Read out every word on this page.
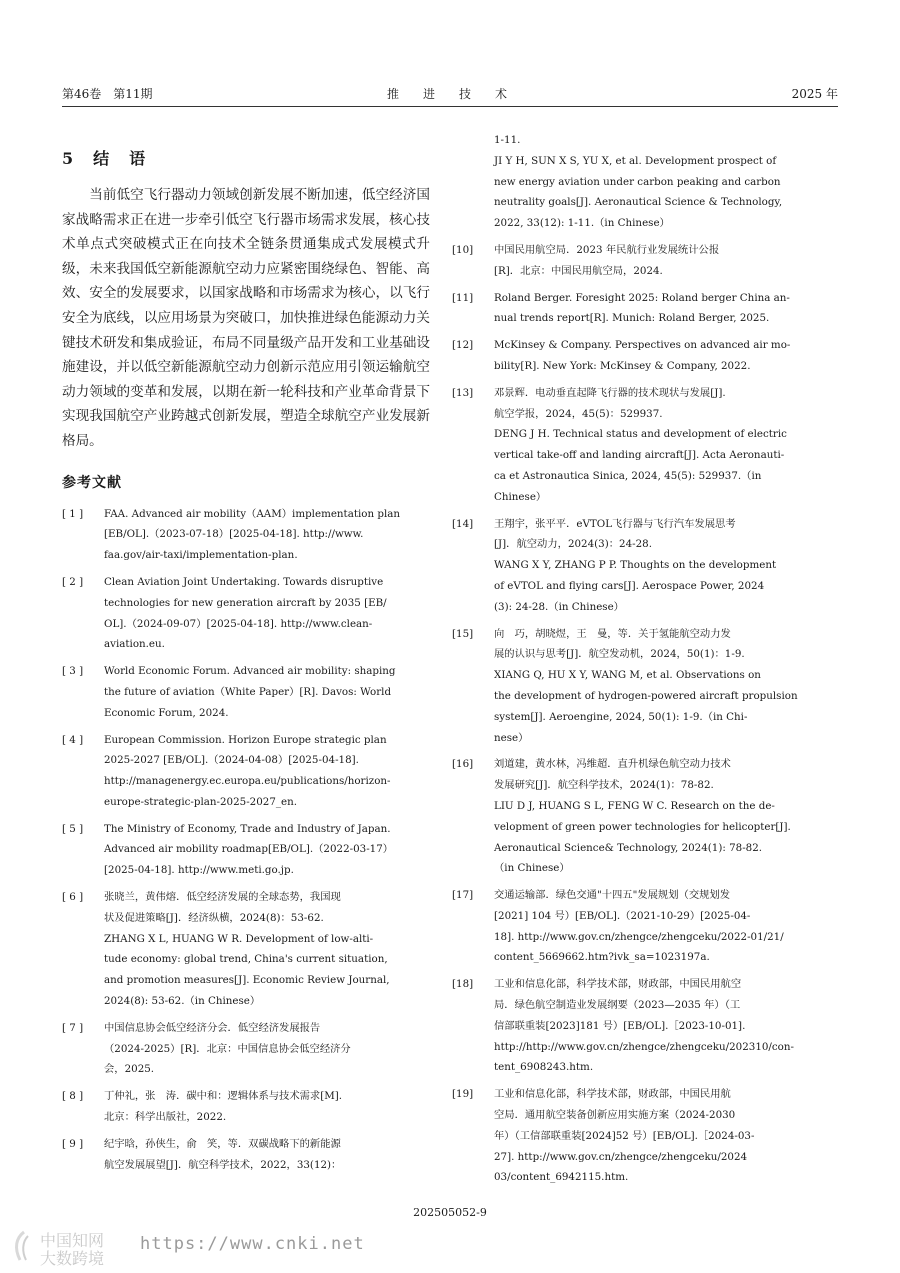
第46卷　第11期	推　进　技　术	2025 年
5　结　语

当前低空飞行器动力领域创新发展不断加速，低空经济国家战略需求正在进一步牵引低空飞行器市场需求发展，核心技术单点式突破模式正在向技术全链条贯通集成式发展模式升级，未来我国低空新能源航空动力应紧密围绕绿色、智能、高效、安全的发展要求，以国家战略和市场需求为核心，以飞行安全为底线，以应用场景为突破口，加快推进绿色能源动力关键技术研发和集成验证，布局不同量级产品开发和工业基础设施建设，并以低空新能源航空动力创新示范应用引领运输航空动力领域的变革和发展，以期在新一轮科技和产业革命背景下实现我国航空产业跨越式创新发展，塑造全球航空产业发展新格局。

参考文献
[ 1 ]	FAA. Advanced air mobility（AAM）implementation plan
[EB/OL].（2023-07-18）[2025-04-18]. http://www.
faa.gov/air-taxi/implementation-plan.
[ 2 ]	Clean Aviation Joint Undertaking. Towards disruptive
technologies for new generation aircraft by 2035 [EB/
OL].（2024-09-07）[2025-04-18]. http://www.clean-
aviation.eu.
[ 3 ]	World Economic Forum. Advanced air mobility: shaping
the future of aviation（White Paper）[R]. Davos: World
Economic Forum, 2024.
[ 4 ]	European Commission. Horizon Europe strategic plan
2025-2027 [EB/OL].（2024-04-08）[2025-04-18].
http://managenergy.ec.europa.eu/publications/horizon-
europe-strategic-plan-2025-2027_en.
[ 5 ]	The Ministry of Economy, Trade and Industry of Japan.
Advanced air mobility roadmap[EB/OL].（2022-03-17）
[2025-04-18]. http://www.meti.go.jp.
[ 6 ]	张晓兰，黄伟熔．低空经济发展的全球态势，我国现
状及促进策略[J]．经济纵横，2024(8)：53-62.
ZHANG X L, HUANG W R. Development of low-alti-
tude economy: global trend, China's current situation,
and promotion measures[J]. Economic Review Journal,
2024(8): 53-62.（in Chinese）
[ 7 ]	中国信息协会低空经济分会．低空经济发展报告
（2024-2025）[R]．北京：中国信息协会低空经济分
会，2025.
[ 8 ]	丁仲礼，张　涛．碳中和：逻辑体系与技术需求[M].
北京：科学出版社，2022.
[ 9 ]	纪宇晗，孙侠生，俞　笑，等．双碳战略下的新能源
航空发展展望[J]．航空科学技术，2022，33(12)：
1-11.
JI Y H, SUN X S, YU X, et al. Development prospect of
new energy aviation under carbon peaking and carbon
neutrality goals[J]. Aeronautical Science & Technology,
2022, 33(12): 1-11.（in Chinese）
[10]	中国民用航空局．2023 年民航行业发展统计公报
[R]．北京：中国民用航空局，2024.
[11]	Roland Berger. Foresight 2025: Roland berger China an-
nual trends report[R]. Munich: Roland Berger, 2025.
[12]	McKinsey & Company. Perspectives on advanced air mo-
bility[R]. New York: McKinsey & Company, 2022.
[13]	邓景辉．电动垂直起降飞行器的技术现状与发展[J].
航空学报，2024，45(5)：529937.
DENG J H. Technical status and development of electric
vertical take-off and landing aircraft[J]. Acta Aeronauti-
ca et Astronautica Sinica, 2024, 45(5): 529937.（in
Chinese）
[14]	王翔宇，张平平．eVTOL飞行器与飞行汽车发展思考
[J]．航空动力，2024(3)：24-28.
WANG X Y, ZHANG P P. Thoughts on the development
of eVTOL and flying cars[J]. Aerospace Power, 2024
(3): 24-28.（in Chinese）
[15]	向　巧，胡晓煜，王　曼，等．关于氢能航空动力发
展的认识与思考[J]．航空发动机，2024，50(1)：1-9.
XIANG Q, HU X Y, WANG M, et al. Observations on
the development of hydrogen-powered aircraft propulsion
system[J]. Aeroengine, 2024, 50(1): 1-9.（in Chi-
nese）
[16]	刘道建，黄水林，冯维超．直升机绿色航空动力技术
发展研究[J]．航空科学技术，2024(1)：78-82.
LIU D J, HUANG S L, FENG W C. Research on the de-
velopment of green power technologies for helicopter[J].
Aeronautical Science& Technology, 2024(1): 78-82.
（in Chinese）
[17]	交通运输部．绿色交通"十四五"发展规划（交规划发
[2021] 104 号）[EB/OL].（2021-10-29）[2025-04-
18]. http://www.gov.cn/zhengce/zhengceku/2022-01/21/
content_5669662.htm?ivk_sa=1023197a.
[18]	工业和信息化部，科学技术部，财政部，中国民用航空
局．绿色航空制造业发展纲要（2023—2035 年）（工
信部联重装[2023]181 号）[EB/OL].［2023-10-01].
http://http://www.gov.cn/zhengce/zhengceku/202310/con-
tent_6908243.htm.
[19]	工业和信息化部，科学技术部，财政部，中国民用航
空局．通用航空装备创新应用实施方案（2024-2030
年）（工信部联重装[2024]52 号）[EB/OL].［2024-03-
27]. http://www.gov.cn/zhengce/zhengceku/2024
03/content_6942115.htm.
202505052-9
中国知网
大数跨境
https://www.cnki.net
